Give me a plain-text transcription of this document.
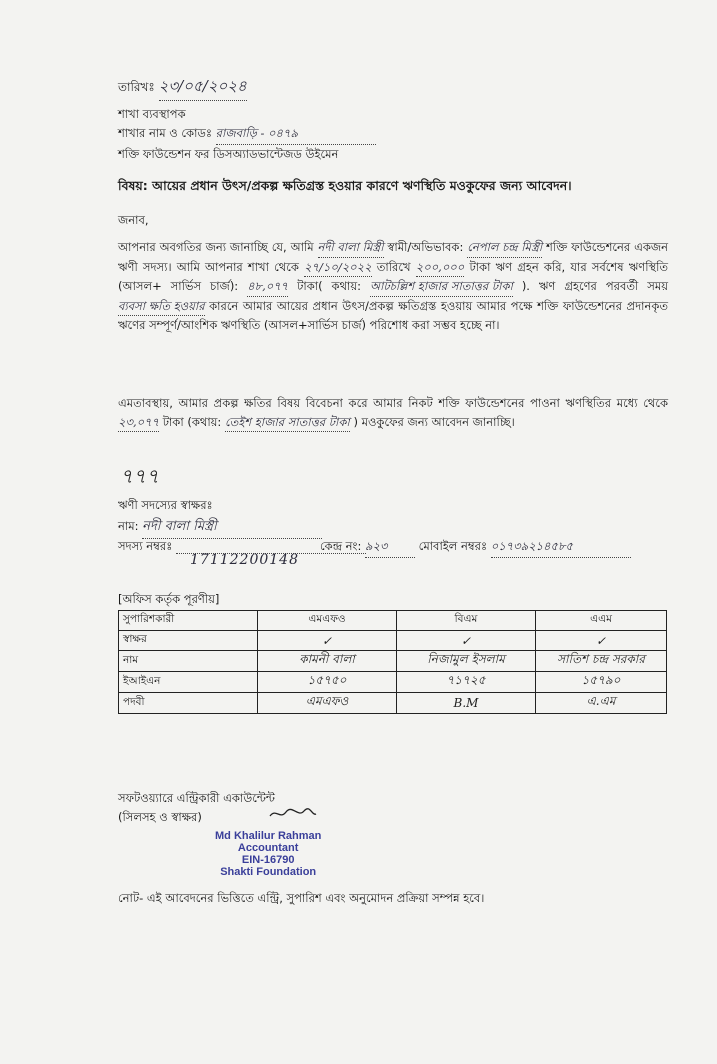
তারিখঃ ২৩/০৫/২০২৪
শাখা ব্যবস্থাপক
শাখার নাম ও কোডঃ রাজবাড়ি - ০৪৭৯
শক্তি ফাউন্ডেশন ফর ডিসঅ্যাডভান্টেজড উইমেন
বিষয়: আয়ের প্রধান উৎস/প্রকল্প ক্ষতিগ্রস্ত হওয়ার কারণে ঋণস্থিতি মওকুফের জন্য আবেদন।
জনাব,
আপনার অবগতির জন্য জানাচ্ছি যে, আমি নদী বালা মিস্ত্রী স্বামী/অভিভাবক: নেপাল চন্দ্র মিস্ত্রী শক্তি ফাউন্ডেশনের একজন ঋণী সদস্য। আমি আপনার শাখা থেকে ২৭/১০/২০২২ তারিখে ২০০,০০০ টাকা ঋণ গ্রহন করি, যার সর্বশেষ ঋণস্থিতি (আসল+ সার্ভিস চার্জ): ৪৮,০৭৭ টাকা( কথায়: আটচল্লিশ হাজার সাতাত্তর টাকা ). ঋণ গ্রহণের পরবর্তী সময় ব্যবসা ক্ষতি হওয়ার কারনে আমার আয়ের প্রধান উৎস/প্রকল্প ক্ষতিগ্রস্ত হওয়ায় আমার পক্ষে শক্তি ফাউন্ডেশনের প্রদানকৃত ঋণের সম্পূর্ণ/আংশিক ঋণস্থিতি (আসল+সার্ভিস চার্জ) পরিশোধ করা সম্ভব হচ্ছে না।
এমতাবস্থায়, আমার প্রকল্প ক্ষতির বিষয় বিবেচনা করে আমার নিকট শক্তি ফাউন্ডেশনের পাওনা ঋণস্থিতির মধ্যে থেকে ২৩,০৭৭ টাকা (কথায়: তেইশ হাজার সাতাত্তর টাকা ) মওকুফের জন্য আবেদন জানাচ্ছি।
৭৭৭
ঋণী সদস্যের স্বাক্ষরঃ
নাম: নদী বালা মিস্ত্রী
সদস্য নম্বরঃ
17112200148
কেন্দ্র নং: ৯২৩	মোবাইল নম্বরঃ ০১৭৩৯২১৪৫৮৫
[অফিস কর্তৃক পূরণীয়]
সুপারিশকারী	এমএফও	বিএম	এএম
স্বাক্ষর	✓	✓	✓
নাম	কামনী বালা	নিজামুল ইসলাম	সাতিশ চন্দ্র সরকার
ইআইএন	১৫৭৫০	৭১৭২৫	১৫৭৯০
পদবী	এমএফও	B.M	এ.এম
সফটওয়্যারে এন্ট্রিকারী একাউন্টেন্ট
(সিলসহ ও স্বাক্ষর)
Md Khalilur Rahman
Accountant
EIN-16790
Shakti Foundation
নোট- এই আবেদনের ভিত্তিতে এন্ট্রি, সুপারিশ এবং অনুমোদন প্রক্রিয়া সম্পন্ন হবে।
